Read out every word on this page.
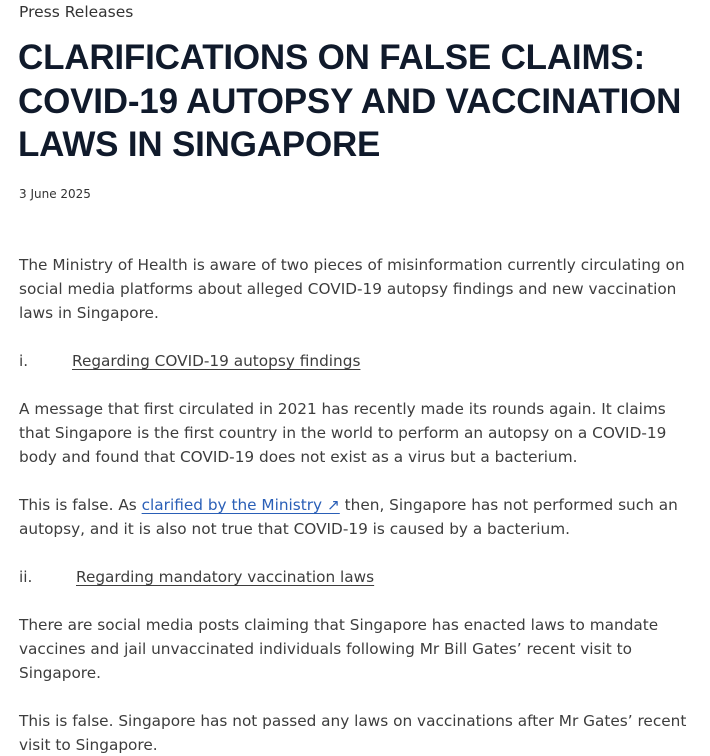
Press Releases

CLARIFICATIONS ON FALSE CLAIMS:
COVID-19 AUTOPSY AND VACCINATION
LAWS IN SINGAPORE

3 June 2025

The Ministry of Health is aware of two pieces of misinformation currently circulating on social media platforms about alleged COVID-19 autopsy findings and new vaccination laws in Singapore.

i.	Regarding COVID-19 autopsy findings

A message that first circulated in 2021 has recently made its rounds again. It claims that Singapore is the first country in the world to perform an autopsy on a COVID-19 body and found that COVID-19 does not exist as a virus but a bacterium.

This is false. As clarified by the Ministry ↗ then, Singapore has not performed such an autopsy, and it is also not true that COVID-19 is caused by a bacterium.

ii.	Regarding mandatory vaccination laws

There are social media posts claiming that Singapore has enacted laws to mandate vaccines and jail unvaccinated individuals following Mr Bill Gates’ recent visit to Singapore.

This is false. Singapore has not passed any laws on vaccinations after Mr Gates’ recent visit to Singapore.
